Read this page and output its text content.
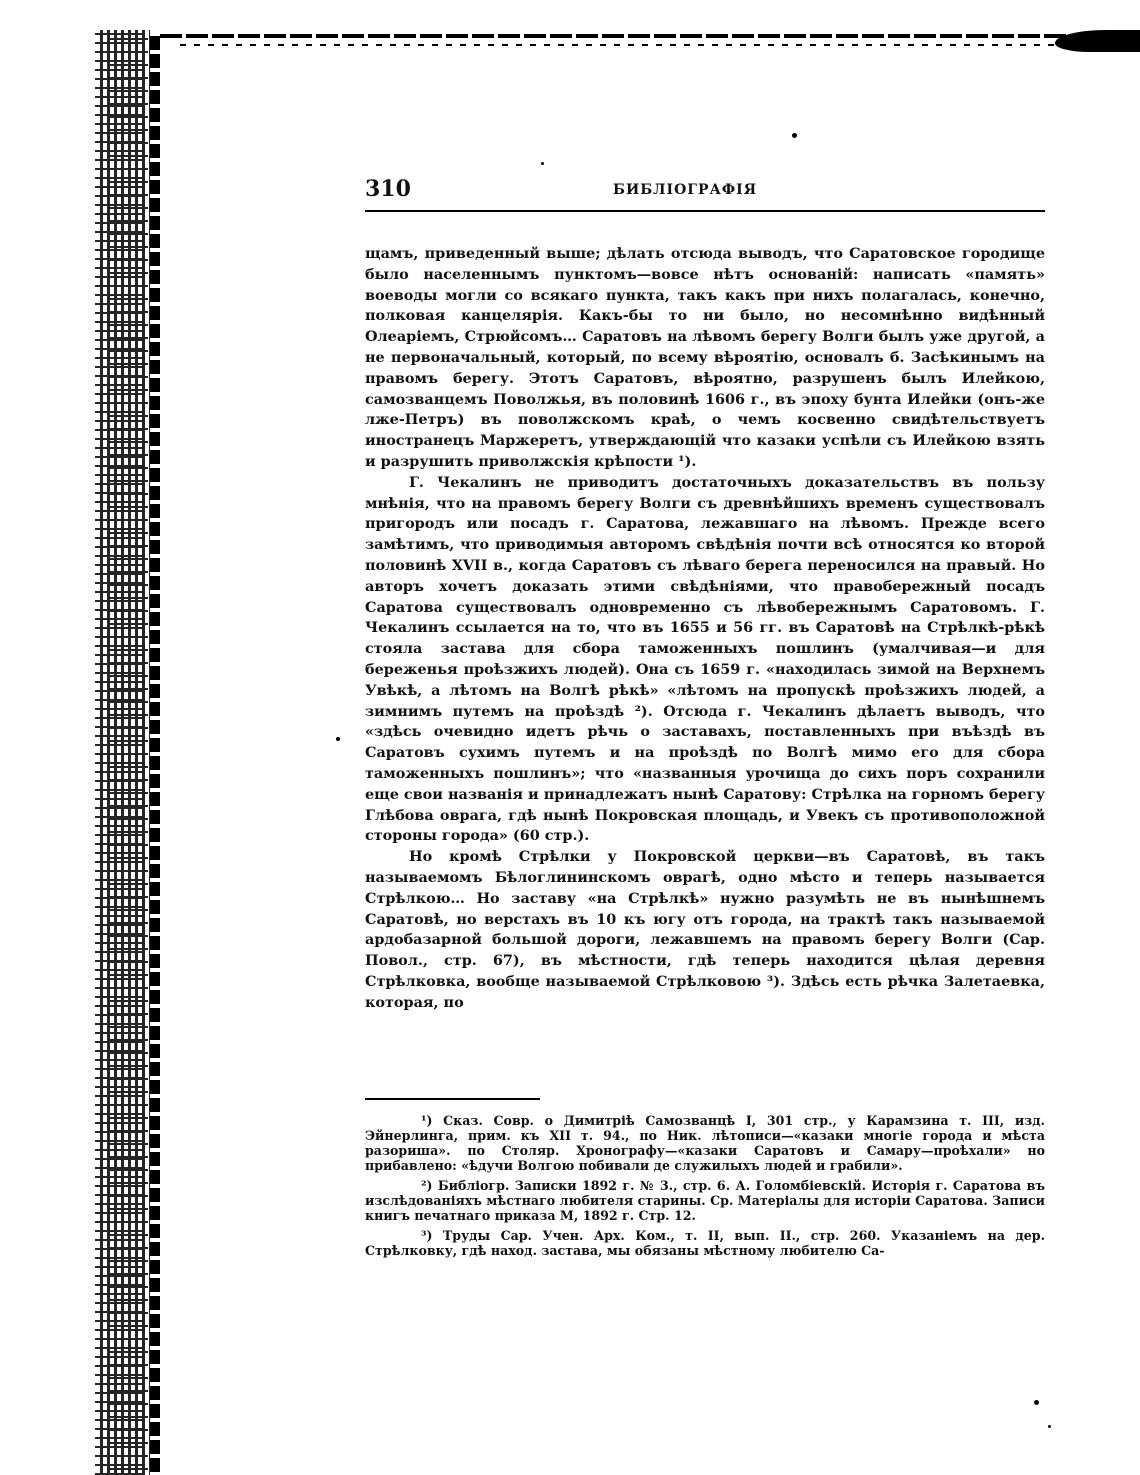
310	БИБЛІОГРАФІЯ

щамъ, приведенный выше; дѣлать отсюда выводъ, что Саратовское городище было населеннымъ пунктомъ—вовсе нѣтъ основаній: написать «память» воеводы могли со всякаго пункта, такъ какъ при нихъ полагалась, конечно, полковая канцелярія. Какъ-бы то ни было, но несомнѣнно видѣнный Олеаріемъ, Стрюйсомъ… Саратовъ на лѣвомъ берегу Волги былъ уже другой, а не первоначальный, который, по всему вѣроятію, основалъ б. Засѣкинымъ на правомъ берегу. Этотъ Саратовъ, вѣроятно, разрушенъ былъ Илейкою, самозванцемъ Поволжья, въ половинѣ 1606 г., въ эпоху бунта Илейки (онъ-же лже-Петръ) въ поволжскомъ краѣ, о чемъ косвенно свидѣтельствуетъ иностранецъ Маржеретъ, утверждающій что казаки успѣли съ Илейкою взять и разрушить приволжскія крѣпости ¹).

Г. Чекалинъ не приводитъ достаточныхъ доказательствъ въ пользу мнѣнія, что на правомъ берегу Волги съ древнѣйшихъ временъ существовалъ пригородъ или посадъ г. Саратова, лежавшаго на лѣвомъ. Прежде всего замѣтимъ, что приводимыя авторомъ свѣдѣнія почти всѣ относятся ко второй половинѣ XVII в., когда Саратовъ съ лѣваго берега переносился на правый. Но авторъ хочетъ доказать этими свѣдѣніями, что правобережный посадъ Саратова существовалъ одновременно съ лѣвобережнымъ Саратовомъ. Г. Чекалинъ ссылается на то, что въ 1655 и 56 гг. въ Саратовѣ на Стрѣлкѣ-рѣкѣ стояла застава для сбора таможенныхъ пошлинъ (умалчивая—и для береженья проѣзжихъ людей). Она съ 1659 г. «находилась зимой на Верхнемъ Увѣкѣ, а лѣтомъ на Волгѣ рѣкѣ» «лѣтомъ на пропускѣ проѣзжихъ людей, а зимнимъ путемъ на проѣздѣ ²). Отсюда г. Чекалинъ дѣлаетъ выводъ, что «здѣсь очевидно идетъ рѣчь о заставахъ, поставленныхъ при въѣздѣ въ Саратовъ сухимъ путемъ и на проѣздѣ по Волгѣ мимо его для сбора таможенныхъ пошлинъ»; что «названныя урочища до сихъ поръ сохранили еще свои названія и принадлежатъ нынѣ Саратову: Стрѣлка на горномъ берегу Глѣбова оврага, гдѣ нынѣ Покровская площадь, и Увекъ съ противоположной стороны города» (60 стр.).

Но кромѣ Стрѣлки у Покровской церкви—въ Саратовѣ, въ такъ называемомъ Бѣлоглининскомъ оврагѣ, одно мѣсто и теперь называется Стрѣлкою… Но заставу «на Стрѣлкѣ» нужно разумѣть не въ нынѣшнемъ Саратовѣ, но верстахъ въ 10 къ югу отъ города, на трактѣ такъ называемой ардобазарной большой дороги, лежавшемъ на правомъ берегу Волги (Сар. Повол., стр. 67), въ мѣстности, гдѣ теперь находится цѣлая деревня Стрѣлковка, вообще называемой Стрѣлковою ³). Здѣсь есть рѣчка Залетаевка, которая, по

¹) Сказ. Совр. о Димитріѣ Самозванцѣ I, 301 стр., у Карамзина т. III, изд. Эйнерлинга, прим. къ XII т. 94., по Ник. лѣтописи—«казаки многіе города и мѣста разориша». по Столяр. Хронографу—«казаки Саратовъ и Самару—проѣхали» но прибавлено: «ѣдучи Волгою побивали де служилыхъ людей и грабили».

²) Библіогр. Записки 1892 г. № 3., стр. 6. А. Голомбіевскій. Исторія г. Саратова въ изслѣдованіяхъ мѣстнаго любителя старины. Ср. Матеріалы для исторіи Саратова. Записи книгъ печатнаго приказа М, 1892 г. Стр. 12.

³) Труды Сар. Учен. Арх. Ком., т. II, вып. II., стр. 260. Указаніемъ на дер. Стрѣлковку, гдѣ наход. застава, мы обязаны мѣстному любителю Са-
